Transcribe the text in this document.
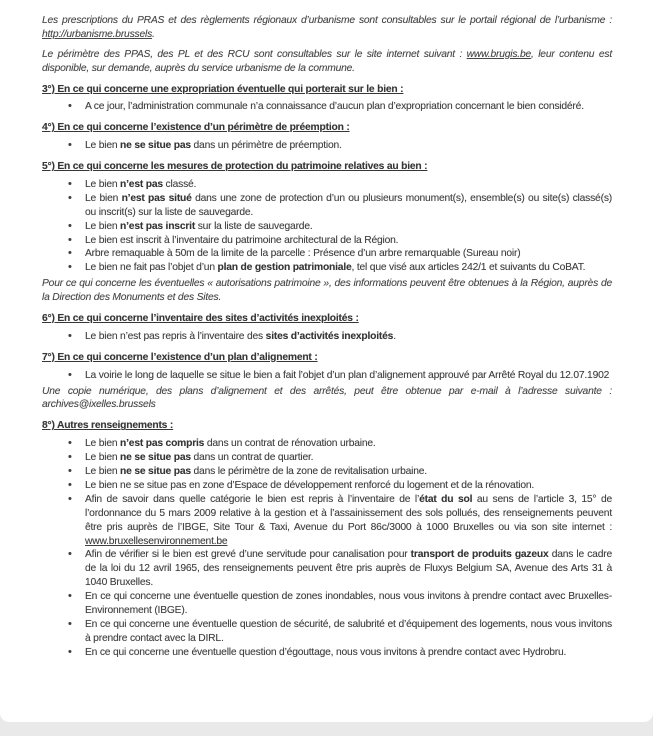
Les prescriptions du PRAS et des règlements régionaux d’urbanisme sont consultables sur le portail régional de l’urbanisme : http://urbanisme.brussels.

Le périmètre des PPAS, des PL et des RCU sont consultables sur le site internet suivant : www.brugis.be, leur contenu est disponible, sur demande, auprès du service urbanisme de la commune.

3°) En ce qui concerne une expropriation éventuelle qui porterait sur le bien :
• A ce jour, l’administration communale n’a connaissance d’aucun plan d’expropriation concernant le bien considéré.
4°) En ce qui concerne l’existence d’un périmètre de préemption :
• Le bien ne se situe pas dans un périmètre de préemption.
5°) En ce qui concerne les mesures de protection du patrimoine relatives au bien :
• Le bien n’est pas classé.
• Le bien n’est pas situé dans une zone de protection d’un ou plusieurs monument(s), ensemble(s) ou site(s) classé(s) ou inscrit(s) sur la liste de sauvegarde.
• Le bien n’est pas inscrit sur la liste de sauvegarde.
• Le bien est inscrit à l’inventaire du patrimoine architectural de la Région.
• Arbre remaquable à 50m de la limite de la parcelle : Présence d’un arbre remarquable (Sureau noir)
• Le bien ne fait pas l’objet d’un plan de gestion patrimoniale, tel que visé aux articles 242/1 et suivants du CoBAT.

Pour ce qui concerne les éventuelles « autorisations patrimoine », des informations peuvent être obtenues à la Région, auprès de la Direction des Monuments et des Sites.

6°) En ce qui concerne l’inventaire des sites d’activités inexploités :
• Le bien n’est pas repris à l’inventaire des sites d’activités inexploités.
7°) En ce qui concerne l’existence d’un plan d’alignement :
• La voirie le long de laquelle se situe le bien a fait l’objet d’un plan d’alignement approuvé par Arrêté Royal du 12.07.1902

Une copie numérique, des plans d’alignement et des arrêtés, peut être obtenue par e-mail à l’adresse suivante : archives@ixelles.brussels

8°) Autres renseignements :
• Le bien n’est pas compris dans un contrat de rénovation urbaine.
• Le bien ne se situe pas dans un contrat de quartier.
• Le bien ne se situe pas dans le périmètre de la zone de revitalisation urbaine.
• Le bien ne se situe pas en zone d’Espace de développement renforcé du logement et de la rénovation.
• Afin de savoir dans quelle catégorie le bien est repris à l’inventaire de l’état du sol au sens de l’article 3, 15° de l’ordonnance du 5 mars 2009 relative à la gestion et à l’assainissement des sols pollués, des renseignements peuvent être pris auprès de l’IBGE, Site Tour & Taxi, Avenue du Port 86c/3000 à 1000 Bruxelles ou via son site internet : www.bruxellesenvironnement.be
• Afin de vérifier si le bien est grevé d’une servitude pour canalisation pour transport de produits gazeux dans le cadre de la loi du 12 avril 1965, des renseignements peuvent être pris auprès de Fluxys Belgium SA, Avenue des Arts 31 à 1040 Bruxelles.
• En ce qui concerne une éventuelle question de zones inondables, nous vous invitons à prendre contact avec Bruxelles-Environnement (IBGE).
• En ce qui concerne une éventuelle question de sécurité, de salubrité et d’équipement des logements, nous vous invitons à prendre contact avec la DIRL.
• En ce qui concerne une éventuelle question d’égouttage, nous vous invitons à prendre contact avec Hydrobru.
